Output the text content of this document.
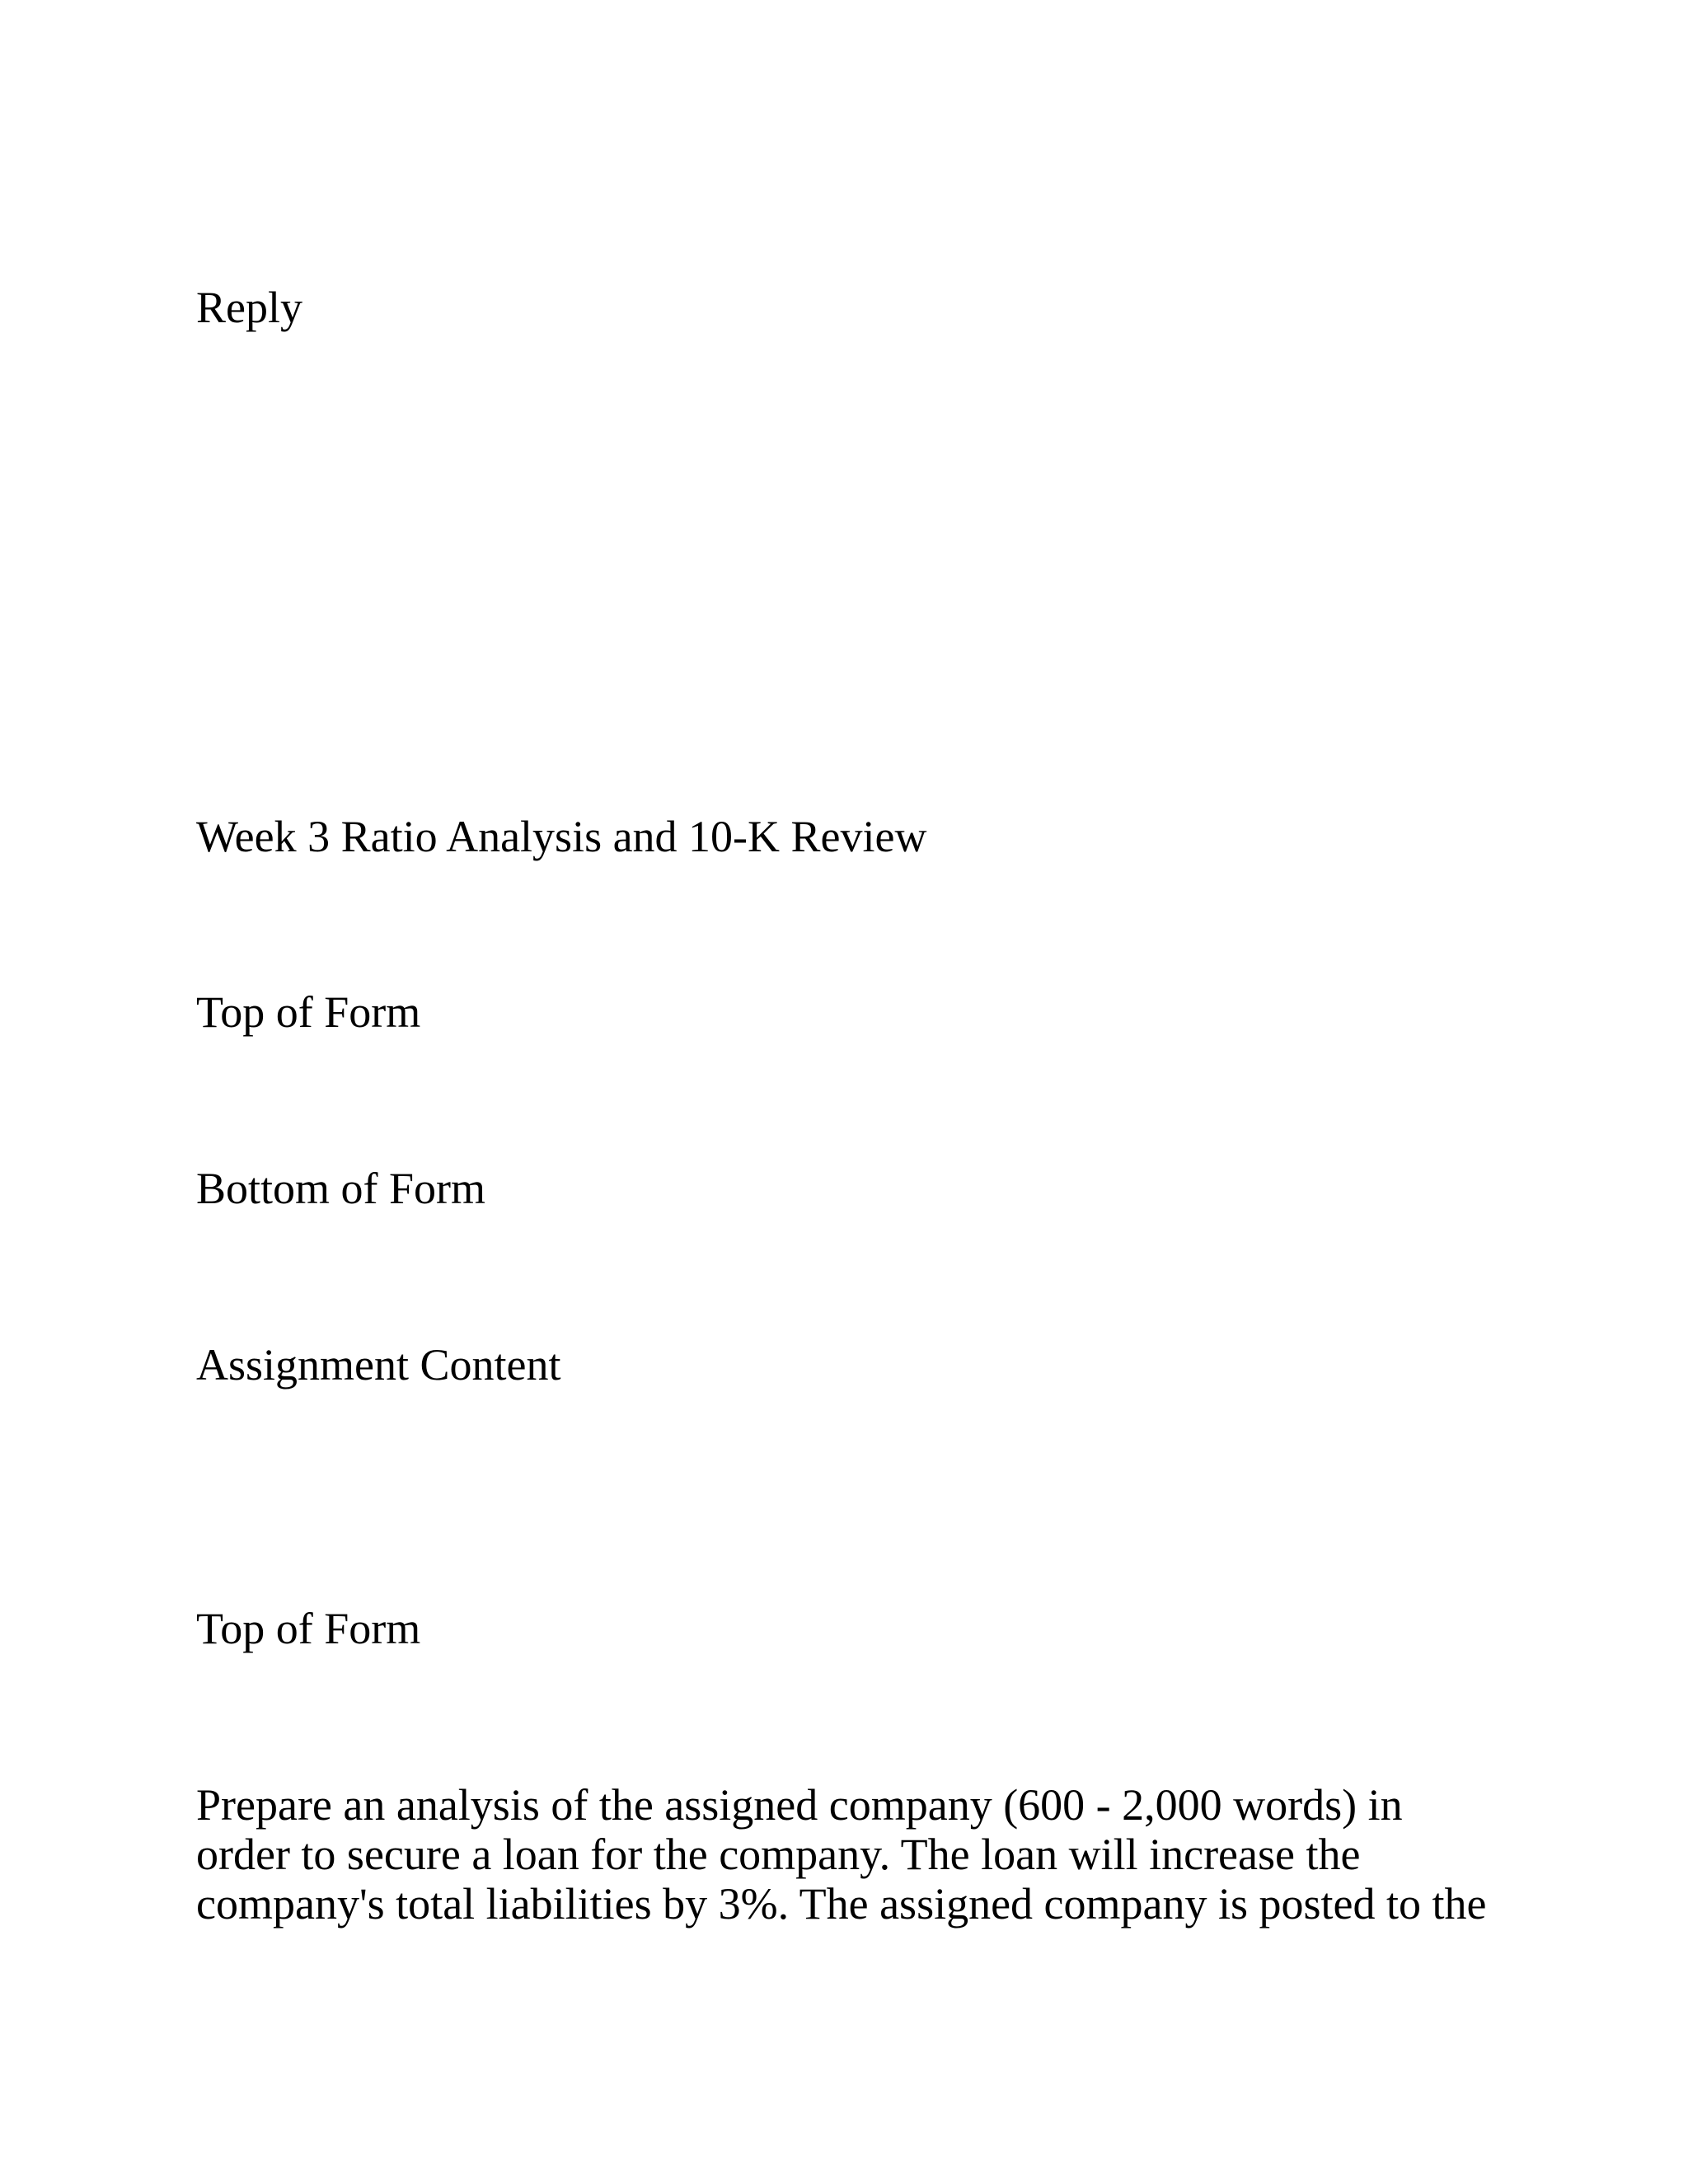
Reply
Week 3 Ratio Analysis and 10-K Review
Top of Form
Bottom of Form
Assignment Content
Top of Form
Prepare an analysis of the assigned company (600 - 2,000 words) in
order to secure a loan for the company. The loan will increase the
company's total liabilities by 3%. The assigned company is posted to the
